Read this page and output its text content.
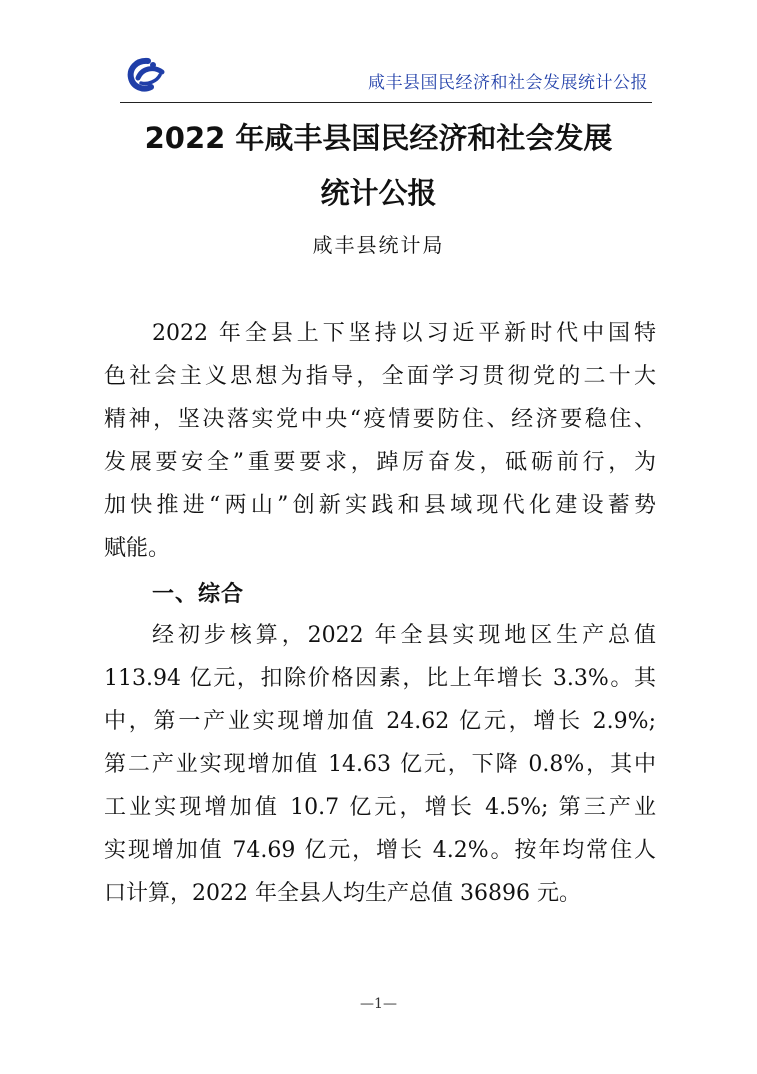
咸丰县国民经济和社会发展统计公报
2022 年咸丰县国民经济和社会发展
统计公报
咸丰县统计局
2022 年全县上下坚持以习近平新时代中国特
色社会主义思想为指导，全面学习贯彻党的二十大
精神，坚决落实党中央“疫情要防住、经济要稳住、
发展要安全”重要要求，踔厉奋发，砥砺前行，为
加快推进“两山”创新实践和县域现代化建设蓄势
赋能。
一、综合
经初步核算，2022 年全县实现地区生产总值
113.94 亿元，扣除价格因素，比上年增长 3.3%。其
中，第一产业实现增加值 24.62 亿元，增长 2.9%;
第二产业实现增加值 14.63 亿元，下降 0.8%，其中
工业实现增加值 10.7 亿元，增长 4.5%; 第三产业
实现增加值 74.69 亿元，增长 4.2%。按年均常住人
口计算，2022 年全县人均生产总值 36896 元。
—1—
